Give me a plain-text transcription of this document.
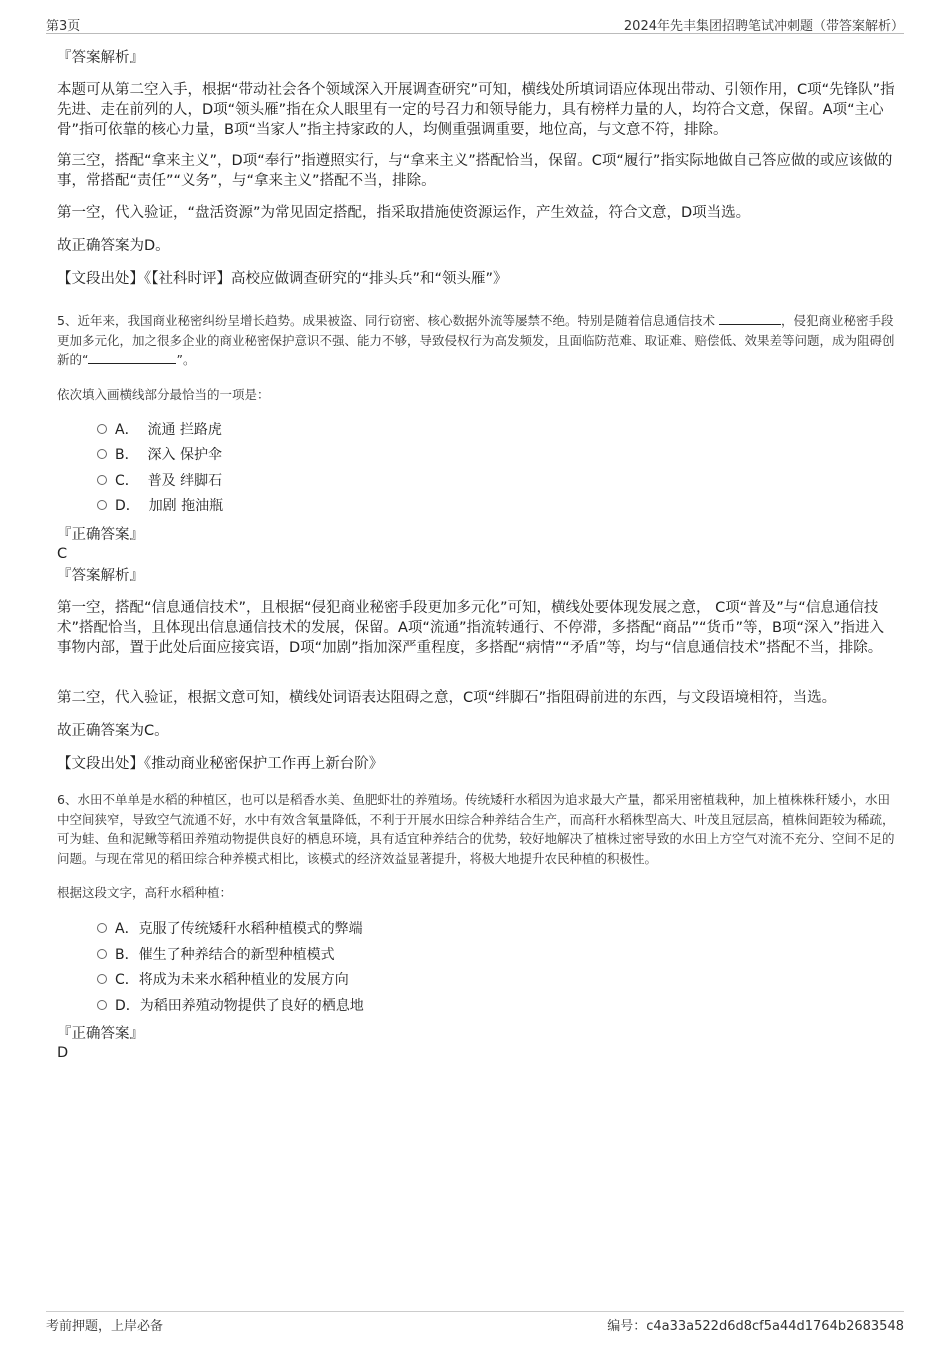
第3页	2024年先丰集团招聘笔试冲刺题（带答案解析）
『答案解析』
本题可从第二空入手，根据“带动社会各个领域深入开展调查研究”可知，横线处所填词语应体现出带动、引领作用，C项“先锋队”指先进、走在前列的人，D项“领头雁”指在众人眼里有一定的号召力和领导能力，具有榜样力量的人，均符合文意，保留。A项“主心骨”指可依靠的核心力量，B项“当家人”指主持家政的人，均侧重强调重要，地位高，与文意不符，排除。
第三空，搭配“拿来主义”，D项“奉行”指遵照实行，与“拿来主义”搭配恰当，保留。C项“履行”指实际地做自己答应做的或应该做的事，常搭配“责任”“义务”，与“拿来主义”搭配不当，排除。
第一空，代入验证，“盘活资源”为常见固定搭配，指采取措施使资源运作，产生效益，符合文意，D项当选。
故正确答案为D。
【文段出处】《【社科时评】高校应做调查研究的“排头兵”和“领头雁”》
5、近年来，我国商业秘密纠纷呈增长趋势。成果被盗、同行窃密、核心数据外流等屡禁不绝。特别是随着信息通信技术	，侵犯商业秘密手段更加多元化，加之很多企业的商业秘密保护意识不强、能力不够，导致侵权行为高发频发，且面临防范难、取证难、赔偿低、效果差等问题，成为阻碍创新的“	”。
依次填入画横线部分最恰当的一项是：
A． 流通 拦路虎
B． 深入 保护伞
C． 普及 绊脚石
D． 加剧 拖油瓶
『正确答案』
C
『答案解析』
第一空，搭配“信息通信技术”，且根据“侵犯商业秘密手段更加多元化”可知，横线处要体现发展之意， C项“普及”与“信息通信技术”搭配恰当，且体现出信息通信技术的发展，保留。A项“流通”指流转通行、不停滞，多搭配“商品”“货币”等，B项“深入”指进入事物内部，置于此处后面应接宾语，D项“加剧”指加深严重程度，多搭配“病情”“矛盾”等，均与“信息通信技术”搭配不当，排除。
第二空，代入验证，根据文意可知，横线处词语表达阻碍之意，C项“绊脚石”指阻碍前进的东西，与文段语境相符，当选。
故正确答案为C。
【文段出处】《推动商业秘密保护工作再上新台阶》
6、水田不单单是水稻的种植区，也可以是稻香水美、鱼肥虾壮的养殖场。传统矮秆水稻因为追求最大产量，都采用密植栽种，加上植株株秆矮小，水田中空间狭窄，导致空气流通不好，水中有效含氧量降低，不利于开展水田综合种养结合生产，而高秆水稻株型高大、叶茂且冠层高，植株间距较为稀疏，可为蛙、鱼和泥鳅等稻田养殖动物提供良好的栖息环境，具有适宜种养结合的优势，较好地解决了植株过密导致的水田上方空气对流不充分、空间不足的问题。与现在常见的稻田综合种养模式相比，该模式的经济效益显著提升，将极大地提升农民种植的积极性。
根据这段文字，高秆水稻种植：
A．克服了传统矮秆水稻种植模式的弊端
B．催生了种养结合的新型种植模式
C．将成为未来水稻种植业的发展方向
D．为稻田养殖动物提供了良好的栖息地
『正确答案』
D
考前押题，上岸必备	编号：c4a33a522d6d8cf5a44d1764b2683548
